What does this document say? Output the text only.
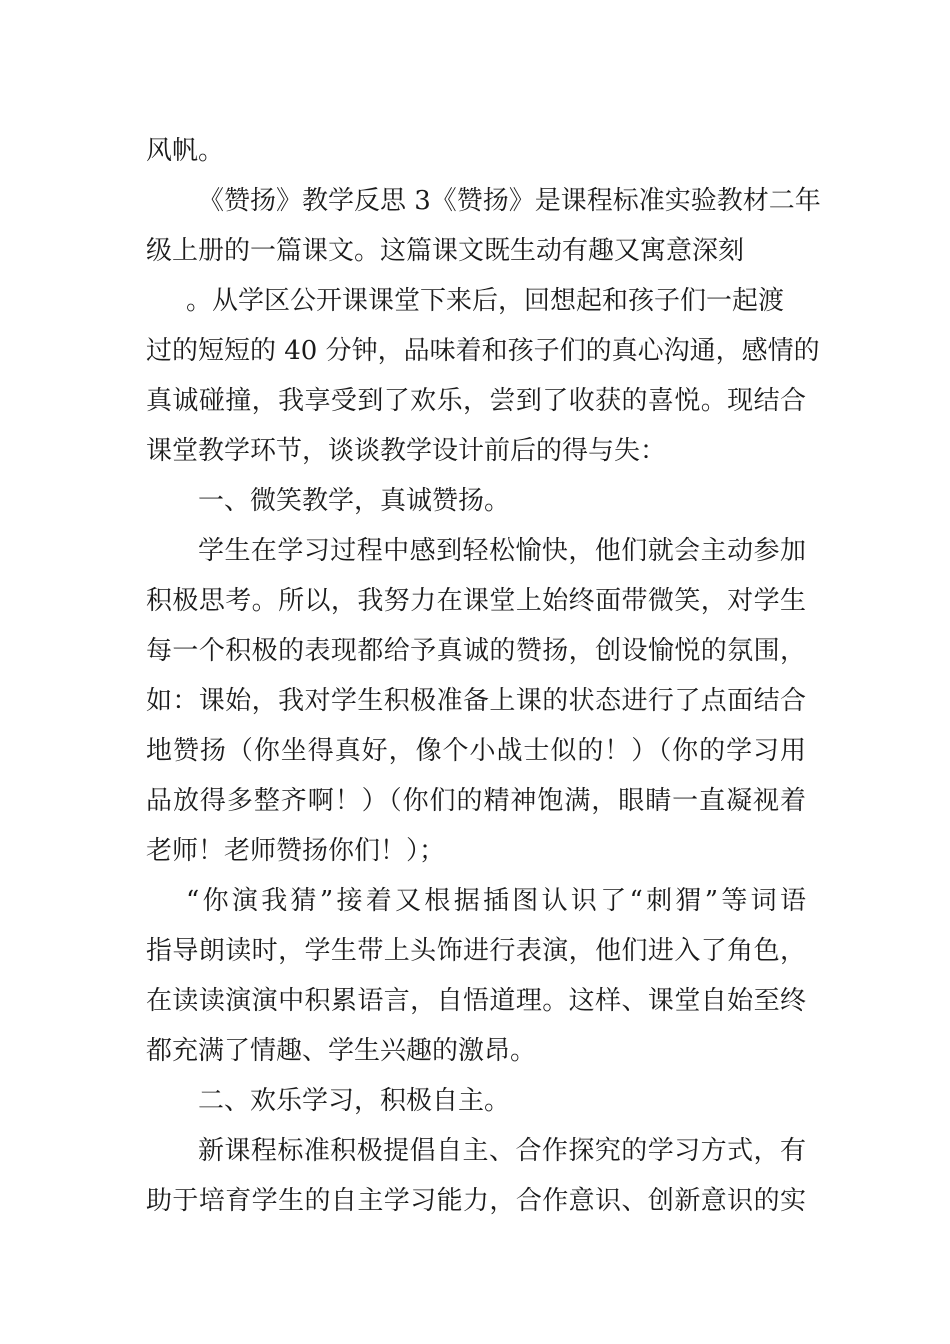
风帆。
《赞扬》教学反思 3《赞扬》是课程标准实验教材二年
级上册的一篇课文。这篇课文既生动有趣又寓意深刻
。从学区公开课课堂下来后，回想起和孩子们一起渡
过的短短的 40 分钟，品味着和孩子们的真心沟通，感情的
真诚碰撞，我享受到了欢乐，尝到了收获的喜悦。现结合
课堂教学环节，谈谈教学设计前后的得与失：
一、微笑教学，真诚赞扬。
学生在学习过程中感到轻松愉快，他们就会主动参加
积极思考。所以，我努力在课堂上始终面带微笑，对学生
每一个积极的表现都给予真诚的赞扬，创设愉悦的氛围，
如：课始，我对学生积极准备上课的状态进行了点面结合
地赞扬（你坐得真好，像个小战士似的！）（你的学习用
品放得多整齐啊！）（你们的精神饱满，眼睛一直凝视着
老师！老师赞扬你们！）；
“你演我猜”接着又根据插图认识了“刺猬”等词语
指导朗读时，学生带上头饰进行表演，他们进入了角色，
在读读演演中积累语言，自悟道理。这样、课堂自始至终
都充满了情趣、学生兴趣的激昂。
二、欢乐学习，积极自主。
新课程标准积极提倡自主、合作探究的学习方式，有
助于培育学生的自主学习能力，合作意识、创新意识的实
